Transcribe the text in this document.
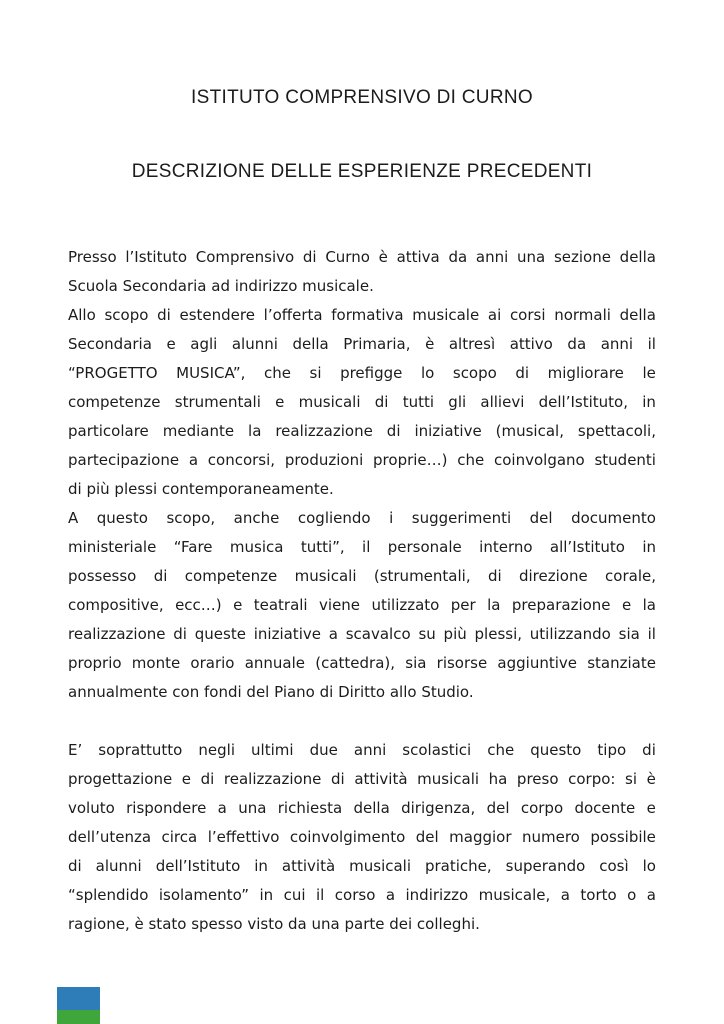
ISTITUTO COMPRENSIVO DI CURNO
DESCRIZIONE DELLE ESPERIENZE PRECEDENTI
Presso l’Istituto Comprensivo di Curno è attiva da anni una sezione della
Scuola Secondaria ad indirizzo musicale.
Allo scopo di estendere l’offerta formativa musicale ai corsi normali della
Secondaria e agli alunni della Primaria, è altresì attivo da anni il
“PROGETTO MUSICA”, che si prefigge lo scopo di migliorare le
competenze strumentali e musicali di tutti gli allievi dell’Istituto, in
particolare mediante la realizzazione di iniziative (musical, spettacoli,
partecipazione a concorsi, produzioni proprie…) che coinvolgano studenti
di più plessi contemporaneamente.
A questo scopo, anche cogliendo i suggerimenti del documento
ministeriale “Fare musica tutti”, il personale interno all’Istituto in
possesso di competenze musicali (strumentali, di direzione corale,
compositive, ecc…) e teatrali viene utilizzato per la preparazione e la
realizzazione di queste iniziative a scavalco su più plessi, utilizzando sia il
proprio monte orario annuale (cattedra), sia risorse aggiuntive stanziate
annualmente con fondi del Piano di Diritto allo Studio.
E’ soprattutto negli ultimi due anni scolastici che questo tipo di
progettazione e di realizzazione di attività musicali ha preso corpo: si è
voluto rispondere a una richiesta della dirigenza, del corpo docente e
dell’utenza circa l’effettivo coinvolgimento del maggior numero possibile
di alunni dell’Istituto in attività musicali pratiche, superando così lo
“splendido isolamento” in cui il corso a indirizzo musicale, a torto o a
ragione, è stato spesso visto da una parte dei colleghi.
